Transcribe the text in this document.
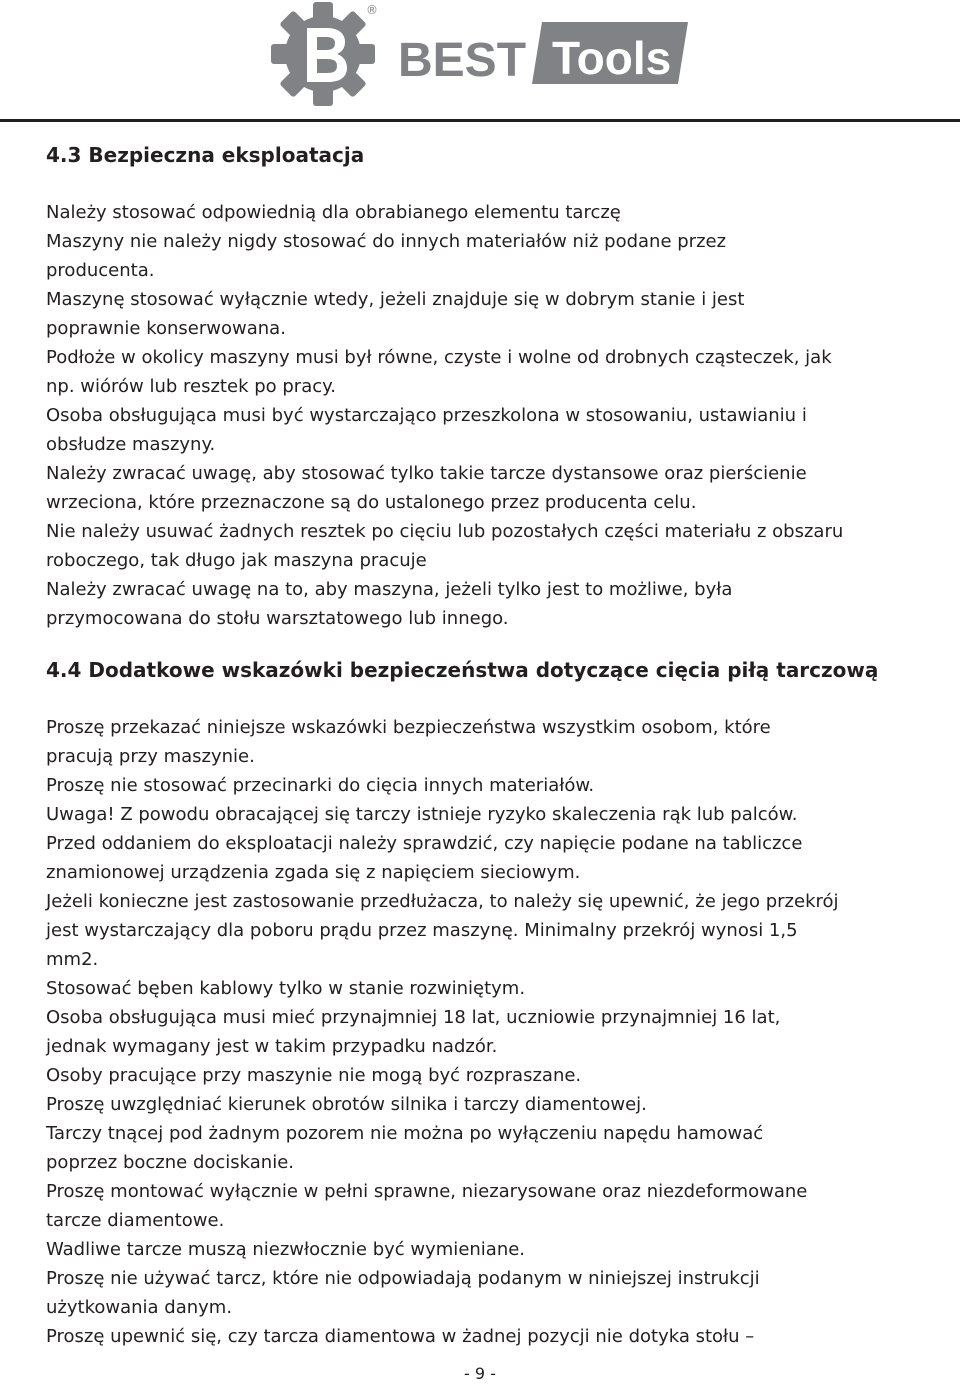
®
BEST Tools
4.3 Bezpieczna eksploatacja
Należy stosować odpowiednią dla obrabianego elementu tarczę
Maszyny nie należy nigdy stosować do innych materiałów niż podane przez
producenta.
Maszynę stosować wyłącznie wtedy, jeżeli znajduje się w dobrym stanie i jest
poprawnie konserwowana.
Podłoże w okolicy maszyny musi był równe, czyste i wolne od drobnych cząsteczek, jak
np. wiórów lub resztek po pracy.
Osoba obsługująca musi być wystarczająco przeszkolona w stosowaniu, ustawianiu i
obsłudze maszyny.
Należy zwracać uwagę, aby stosować tylko takie tarcze dystansowe oraz pierścienie
wrzeciona, które przeznaczone są do ustalonego przez producenta celu.
Nie należy usuwać żadnych resztek po cięciu lub pozostałych części materiału z obszaru
roboczego, tak długo jak maszyna pracuje
Należy zwracać uwagę na to, aby maszyna, jeżeli tylko jest to możliwe, była
przymocowana do stołu warsztatowego lub innego.
4.4 Dodatkowe wskazówki bezpieczeństwa dotyczące cięcia piłą tarczową
Proszę przekazać niniejsze wskazówki bezpieczeństwa wszystkim osobom, które
pracują przy maszynie.
Proszę nie stosować przecinarki do cięcia innych materiałów.
Uwaga! Z powodu obracającej się tarczy istnieje ryzyko skaleczenia rąk lub palców.
Przed oddaniem do eksploatacji należy sprawdzić, czy napięcie podane na tabliczce
znamionowej urządzenia zgada się z napięciem sieciowym.
Jeżeli konieczne jest zastosowanie przedłużacza, to należy się upewnić, że jego przekrój
jest wystarczający dla poboru prądu przez maszynę. Minimalny przekrój wynosi 1,5
mm2.
Stosować bęben kablowy tylko w stanie rozwiniętym.
Osoba obsługująca musi mieć przynajmniej 18 lat, uczniowie przynajmniej 16 lat,
jednak wymagany jest w takim przypadku nadzór.
Osoby pracujące przy maszynie nie mogą być rozpraszane.
Proszę uwzględniać kierunek obrotów silnika i tarczy diamentowej.
Tarczy tnącej pod żadnym pozorem nie można po wyłączeniu napędu hamować
poprzez boczne dociskanie.
Proszę montować wyłącznie w pełni sprawne, niezarysowane oraz niezdeformowane
tarcze diamentowe.
Wadliwe tarcze muszą niezwłocznie być wymieniane.
Proszę nie używać tarcz, które nie odpowiadają podanym w niniejszej instrukcji
użytkowania danym.
Proszę upewnić się, czy tarcza diamentowa w żadnej pozycji nie dotyka stołu –
- 9 -
